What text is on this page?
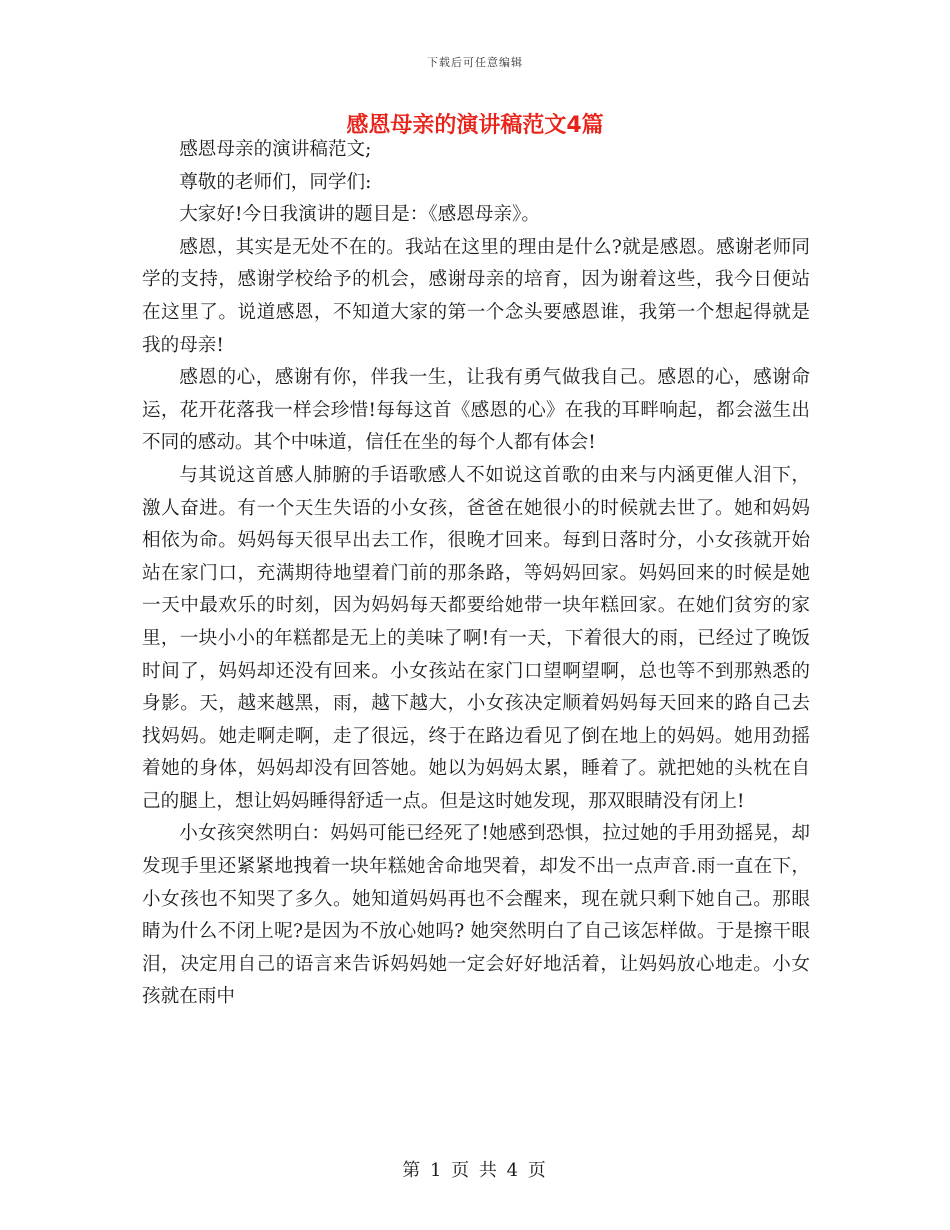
下载后可任意编辑
感恩母亲的演讲稿范文4篇

感恩母亲的演讲稿范文;

尊敬的老师们，同学们:

大家好!今日我演讲的题目是：《感恩母亲》。

感恩，其实是无处不在的。我站在这里的理由是什么?就是感恩。感谢老师同学的支持，感谢学校给予的机会，感谢母亲的培育，因为谢着这些，我今日便站在这里了。说道感恩，不知道大家的第一个念头要感恩谁，我第一个想起得就是我的母亲!

感恩的心，感谢有你，伴我一生，让我有勇气做我自己。感恩的心，感谢命运，花开花落我一样会珍惜!每每这首《感恩的心》在我的耳畔响起，都会滋生出不同的感动。其个中味道，信任在坐的每个人都有体会!

与其说这首感人肺腑的手语歌感人不如说这首歌的由来与内涵更催人泪下，激人奋进。有一个天生失语的小女孩，爸爸在她很小的时候就去世了。她和妈妈相依为命。妈妈每天很早出去工作，很晚才回来。每到日落时分，小女孩就开始站在家门口，充满期待地望着门前的那条路，等妈妈回家。妈妈回来的时候是她一天中最欢乐的时刻，因为妈妈每天都要给她带一块年糕回家。在她们贫穷的家里，一块小小的年糕都是无上的美味了啊!有一天，下着很大的雨，已经过了晚饭时间了，妈妈却还没有回来。小女孩站在家门口望啊望啊，总也等不到那熟悉的身影。天，越来越黑，雨，越下越大，小女孩决定顺着妈妈每天回来的路自己去找妈妈。她走啊走啊，走了很远，终于在路边看见了倒在地上的妈妈。她用劲摇着她的身体，妈妈却没有回答她。她以为妈妈太累，睡着了。就把她的头枕在自己的腿上，想让妈妈睡得舒适一点。但是这时她发现，那双眼睛没有闭上!

小女孩突然明白：妈妈可能已经死了!她感到恐惧，拉过她的手用劲摇晃，却发现手里还紧紧地拽着一块年糕她舍命地哭着，却发不出一点声音.雨一直在下，小女孩也不知哭了多久。她知道妈妈再也不会醒来，现在就只剩下她自己。那眼睛为什么不闭上呢?是因为不放心她吗? 她突然明白了自己该怎样做。于是擦干眼泪，决定用自己的语言来告诉妈妈她一定会好好地活着，让妈妈放心地走。小女孩就在雨中

第 1 页 共 4 页
